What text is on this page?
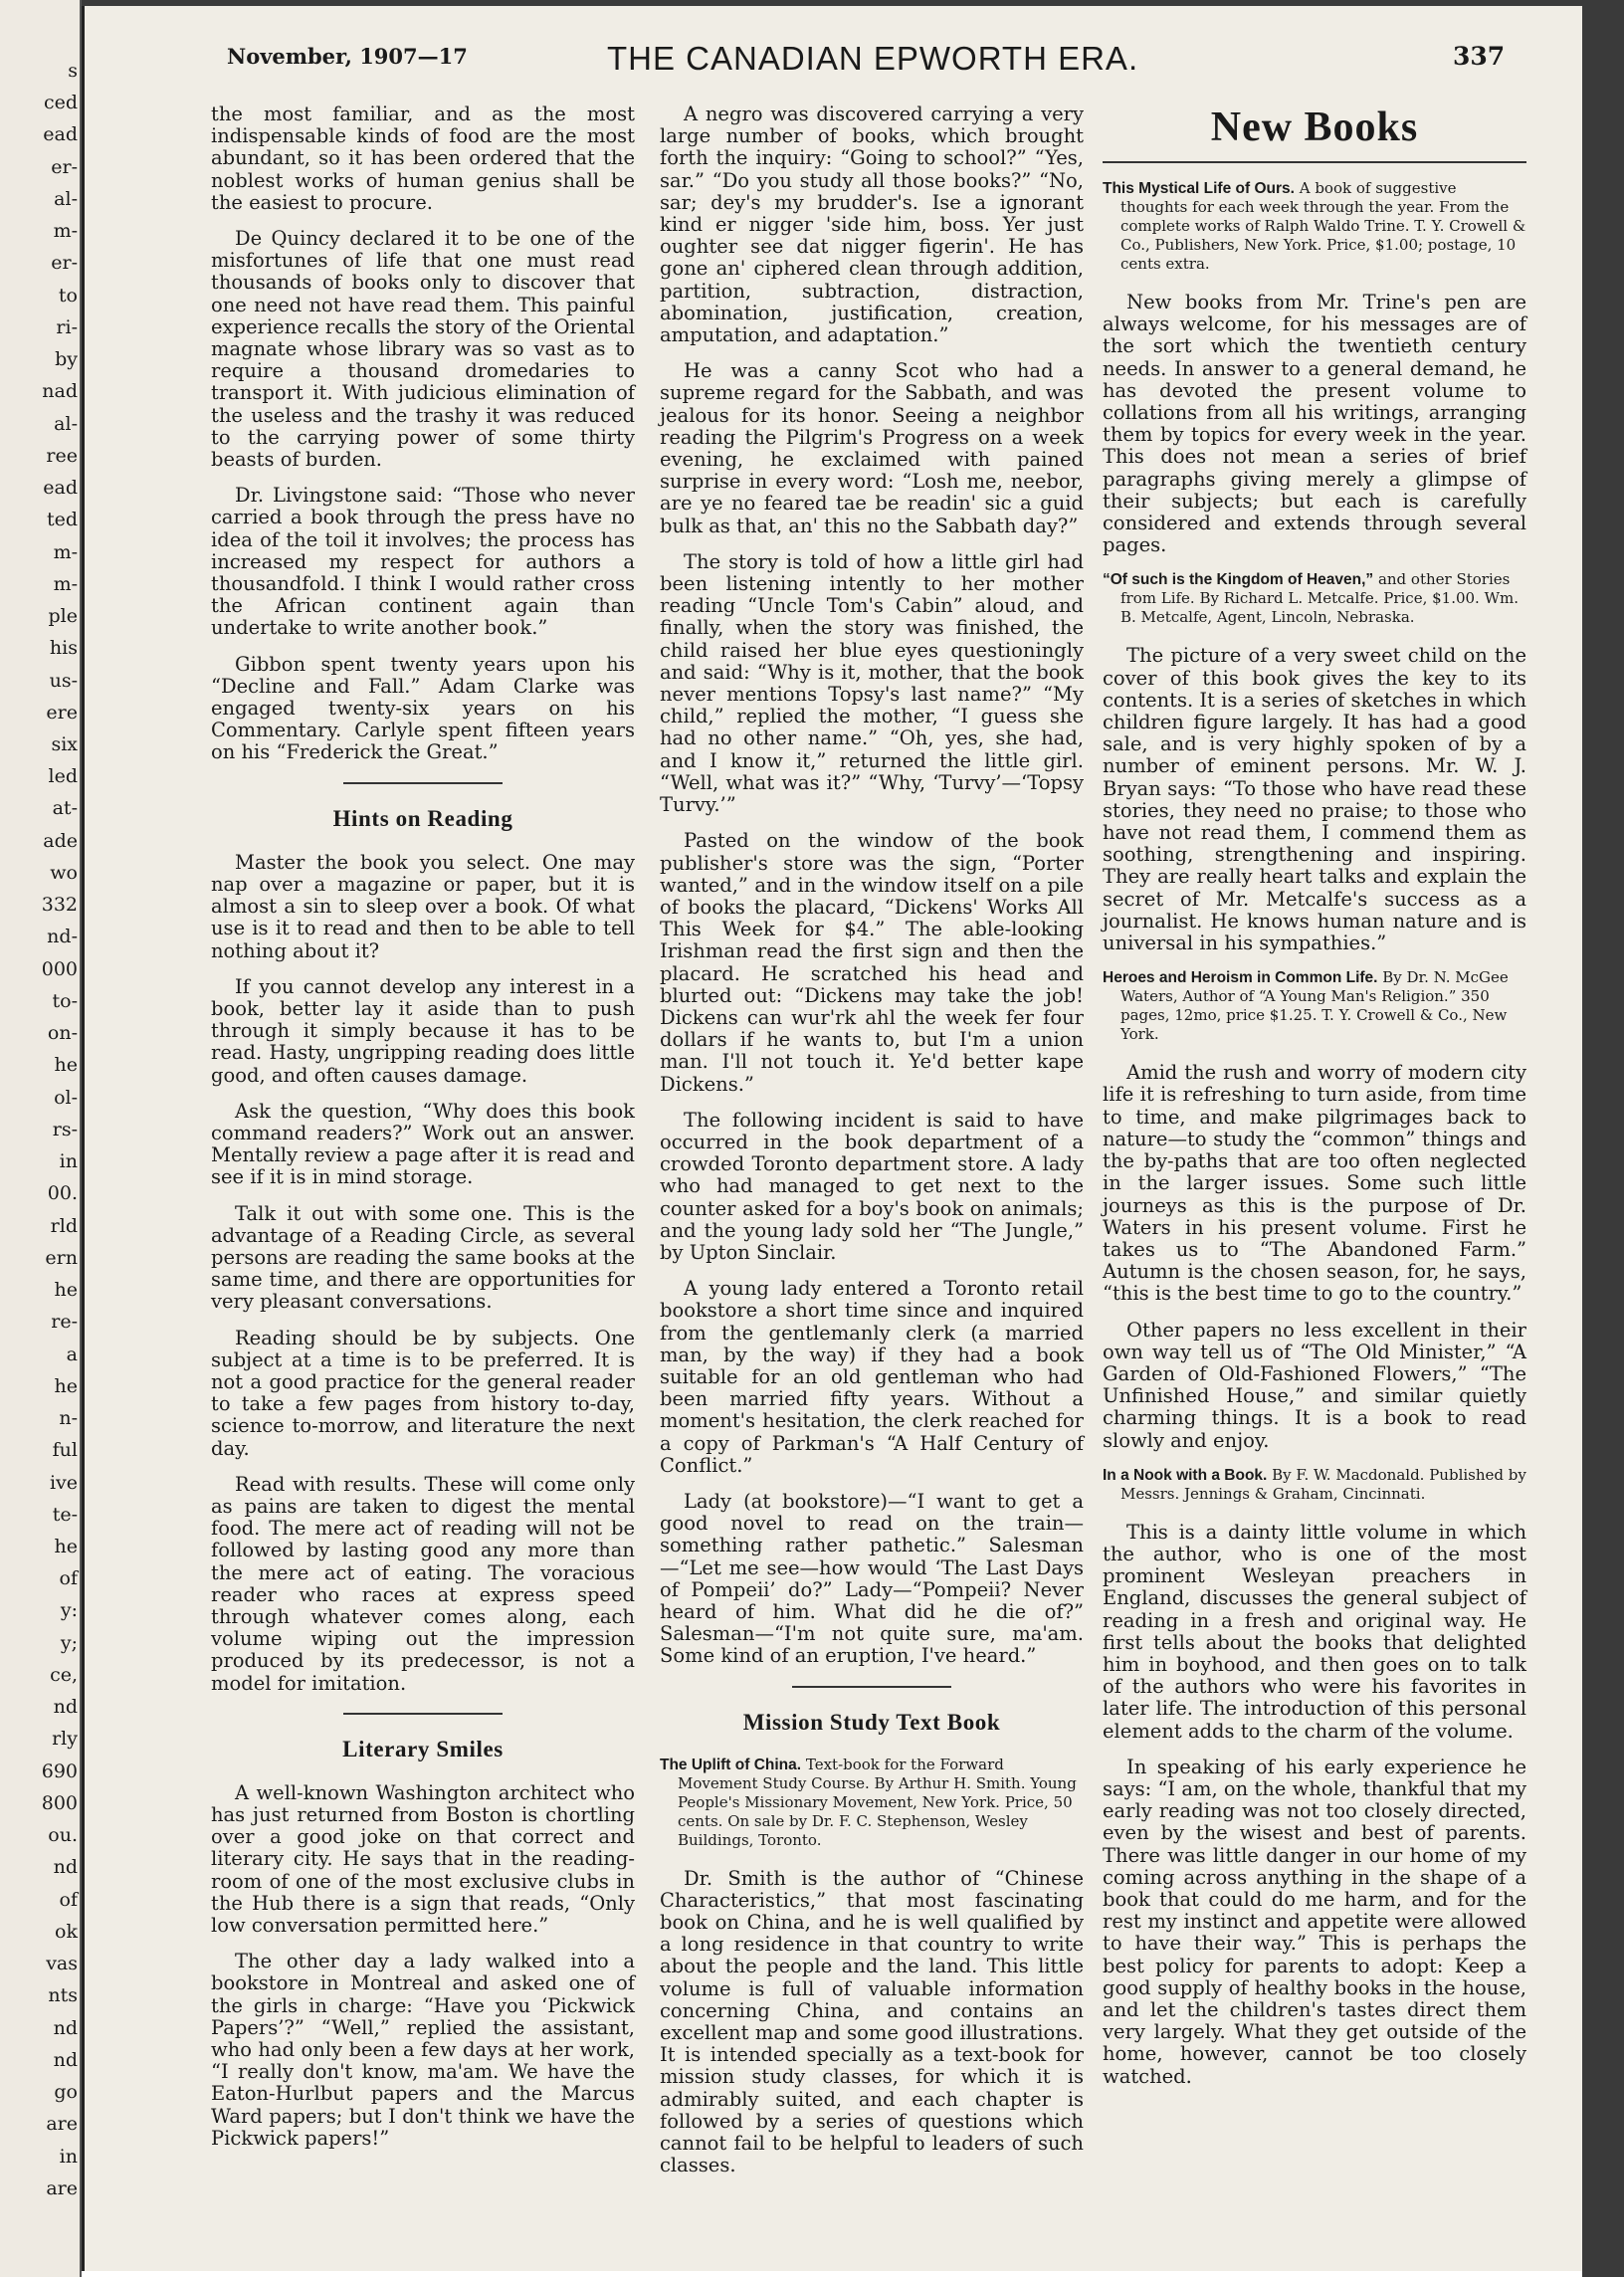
s
ced
ead
er-
al-
m-
er-
to
ri-
by
nad
al-
ree
ead
ted
m-
m-
ple
his
us-
ere
six
led
at-
ade
wo
332
nd-
000
to-
on-
he
ol-
rs-
in
00.
rld
ern
he
re-
a
he
n-
ful
ive
te-
he
of
y:
y;
ce,
nd
rly
690
800
ou.
nd
of
ok
vas
nts
nd
nd
go
are
in
are
November, 1907—17	THE CANADIAN EPWORTH ERA.	337

the most familiar, and as the most indispensable kinds of food are the most abundant, so it has been ordered that the noblest works of human genius shall be the easiest to procure.

De Quincy declared it to be one of the misfortunes of life that one must read thousands of books only to discover that one need not have read them. This painful experience recalls the story of the Oriental magnate whose library was so vast as to require a thousand dromedaries to transport it. With judicious elimination of the useless and the trashy it was reduced to the carrying power of some thirty beasts of burden.

Dr. Livingstone said: “Those who never carried a book through the press have no idea of the toil it involves; the process has increased my respect for authors a thousandfold. I think I would rather cross the African continent again than undertake to write another book.”

Gibbon spent twenty years upon his “Decline and Fall.” Adam Clarke was engaged twenty-six years on his Commentary. Carlyle spent fifteen years on his “Frederick the Great.”

Hints on Reading

Master the book you select. One may nap over a magazine or paper, but it is almost a sin to sleep over a book. Of what use is it to read and then to be able to tell nothing about it?

If you cannot develop any interest in a book, better lay it aside than to push through it simply because it has to be read. Hasty, ungripping reading does little good, and often causes damage.

Ask the question, “Why does this book command readers?” Work out an answer. Mentally review a page after it is read and see if it is in mind storage.

Talk it out with some one. This is the advantage of a Reading Circle, as several persons are reading the same books at the same time, and there are opportunities for very pleasant conversations.

Reading should be by subjects. One subject at a time is to be preferred. It is not a good practice for the general reader to take a few pages from history to-day, science to-morrow, and literature the next day.

Read with results. These will come only as pains are taken to digest the mental food. The mere act of reading will not be followed by lasting good any more than the mere act of eating. The voracious reader who races at express speed through whatever comes along, each volume wiping out the impression produced by its predecessor, is not a model for imitation.

Literary Smiles

A well-known Washington architect who has just returned from Boston is chortling over a good joke on that correct and literary city. He says that in the reading-room of one of the most exclusive clubs in the Hub there is a sign that reads, “Only low conversation permitted here.”

The other day a lady walked into a bookstore in Montreal and asked one of the girls in charge: “Have you ‘Pickwick Papers’?” “Well,” replied the assistant, who had only been a few days at her work, “I really don't know, ma'am. We have the Eaton-Hurlbut papers and the Marcus Ward papers; but I don't think we have the Pickwick papers!”

A negro was discovered carrying a very large number of books, which brought forth the inquiry: “Going to school?” “Yes, sar.” “Do you study all those books?” “No, sar; dey's my brudder's. Ise a ignorant kind er nigger 'side him, boss. Yer just oughter see dat nigger figerin'. He has gone an' ciphered clean through addition, partition, subtraction, distraction, abomination, justification, creation, amputation, and adaptation.”

He was a canny Scot who had a supreme regard for the Sabbath, and was jealous for its honor. Seeing a neighbor reading the Pilgrim's Progress on a week evening, he exclaimed with pained surprise in every word: “Losh me, neebor, are ye no feared tae be readin' sic a guid bulk as that, an' this no the Sabbath day?”

The story is told of how a little girl had been listening intently to her mother reading “Uncle Tom's Cabin” aloud, and finally, when the story was finished, the child raised her blue eyes questioningly and said: “Why is it, mother, that the book never mentions Topsy's last name?” “My child,” replied the mother, “I guess she had no other name.” “Oh, yes, she had, and I know it,” returned the little girl. “Well, what was it?” “Why, ‘Turvy’—‘Topsy Turvy.’”

Pasted on the window of the book publisher's store was the sign, “Porter wanted,” and in the window itself on a pile of books the placard, “Dickens' Works All This Week for $4.” The able-looking Irishman read the first sign and then the placard. He scratched his head and blurted out: “Dickens may take the job! Dickens can wur'rk ahl the week fer four dollars if he wants to, but I'm a union man. I'll not touch it. Ye'd better kape Dickens.”

The following incident is said to have occurred in the book department of a crowded Toronto department store. A lady who had managed to get next to the counter asked for a boy's book on animals; and the young lady sold her “The Jungle,” by Upton Sinclair.

A young lady entered a Toronto retail bookstore a short time since and inquired from the gentlemanly clerk (a married man, by the way) if they had a book suitable for an old gentleman who had been married fifty years. Without a moment's hesitation, the clerk reached for a copy of Parkman's “A Half Century of Conflict.”

Lady (at bookstore)—“I want to get a good novel to read on the train—something rather pathetic.” Salesman—“Let me see—how would ‘The Last Days of Pompeii’ do?” Lady—“Pompeii? Never heard of him. What did he die of?” Salesman—“I'm not quite sure, ma'am. Some kind of an eruption, I've heard.”

Mission Study Text Book

The Uplift of China. Text-book for the Forward Movement Study Course. By Arthur H. Smith. Young People's Missionary Movement, New York. Price, 50 cents. On sale by Dr. F. C. Stephenson, Wesley Buildings, Toronto.

Dr. Smith is the author of “Chinese Characteristics,” that most fascinating book on China, and he is well qualified by a long residence in that country to write about the people and the land. This little volume is full of valuable information concerning China, and contains an excellent map and some good illustrations. It is intended specially as a text-book for mission study classes, for which it is admirably suited, and each chapter is followed by a series of questions which cannot fail to be helpful to leaders of such classes.

New Books

This Mystical Life of Ours. A book of suggestive thoughts for each week through the year. From the complete works of Ralph Waldo Trine. T. Y. Crowell & Co., Publishers, New York. Price, $1.00; postage, 10 cents extra.

New books from Mr. Trine's pen are always welcome, for his messages are of the sort which the twentieth century needs. In answer to a general demand, he has devoted the present volume to collations from all his writings, arranging them by topics for every week in the year. This does not mean a series of brief paragraphs giving merely a glimpse of their subjects; but each is carefully considered and extends through several pages.

“Of such is the Kingdom of Heaven,” and other Stories from Life. By Richard L. Metcalfe. Price, $1.00. Wm. B. Metcalfe, Agent, Lincoln, Nebraska.

The picture of a very sweet child on the cover of this book gives the key to its contents. It is a series of sketches in which children figure largely. It has had a good sale, and is very highly spoken of by a number of eminent persons. Mr. W. J. Bryan says: “To those who have read these stories, they need no praise; to those who have not read them, I commend them as soothing, strengthening and inspiring. They are really heart talks and explain the secret of Mr. Metcalfe's success as a journalist. He knows human nature and is universal in his sympathies.”

Heroes and Heroism in Common Life. By Dr. N. McGee Waters, Author of “A Young Man's Religion.” 350 pages, 12mo, price $1.25. T. Y. Crowell & Co., New York.

Amid the rush and worry of modern city life it is refreshing to turn aside, from time to time, and make pilgrimages back to nature—to study the “common” things and the by-paths that are too often neglected in the larger issues. Some such little journeys as this is the purpose of Dr. Waters in his present volume. First he takes us to “The Abandoned Farm.” Autumn is the chosen season, for, he says, “this is the best time to go to the country.”

Other papers no less excellent in their own way tell us of “The Old Minister,” “A Garden of Old-Fashioned Flowers,” “The Unfinished House,” and similar quietly charming things. It is a book to read slowly and enjoy.

In a Nook with a Book. By F. W. Macdonald. Published by Messrs. Jennings & Graham, Cincinnati.

This is a dainty little volume in which the author, who is one of the most prominent Wesleyan preachers in England, discusses the general subject of reading in a fresh and original way. He first tells about the books that delighted him in boyhood, and then goes on to talk of the authors who were his favorites in later life. The introduction of this personal element adds to the charm of the volume.

In speaking of his early experience he says: “I am, on the whole, thankful that my early reading was not too closely directed, even by the wisest and best of parents. There was little danger in our home of my coming across anything in the shape of a book that could do me harm, and for the rest my instinct and appetite were allowed to have their way.” This is perhaps the best policy for parents to adopt: Keep a good supply of healthy books in the house, and let the children's tastes direct them very largely. What they get outside of the home, however, cannot be too closely watched.
